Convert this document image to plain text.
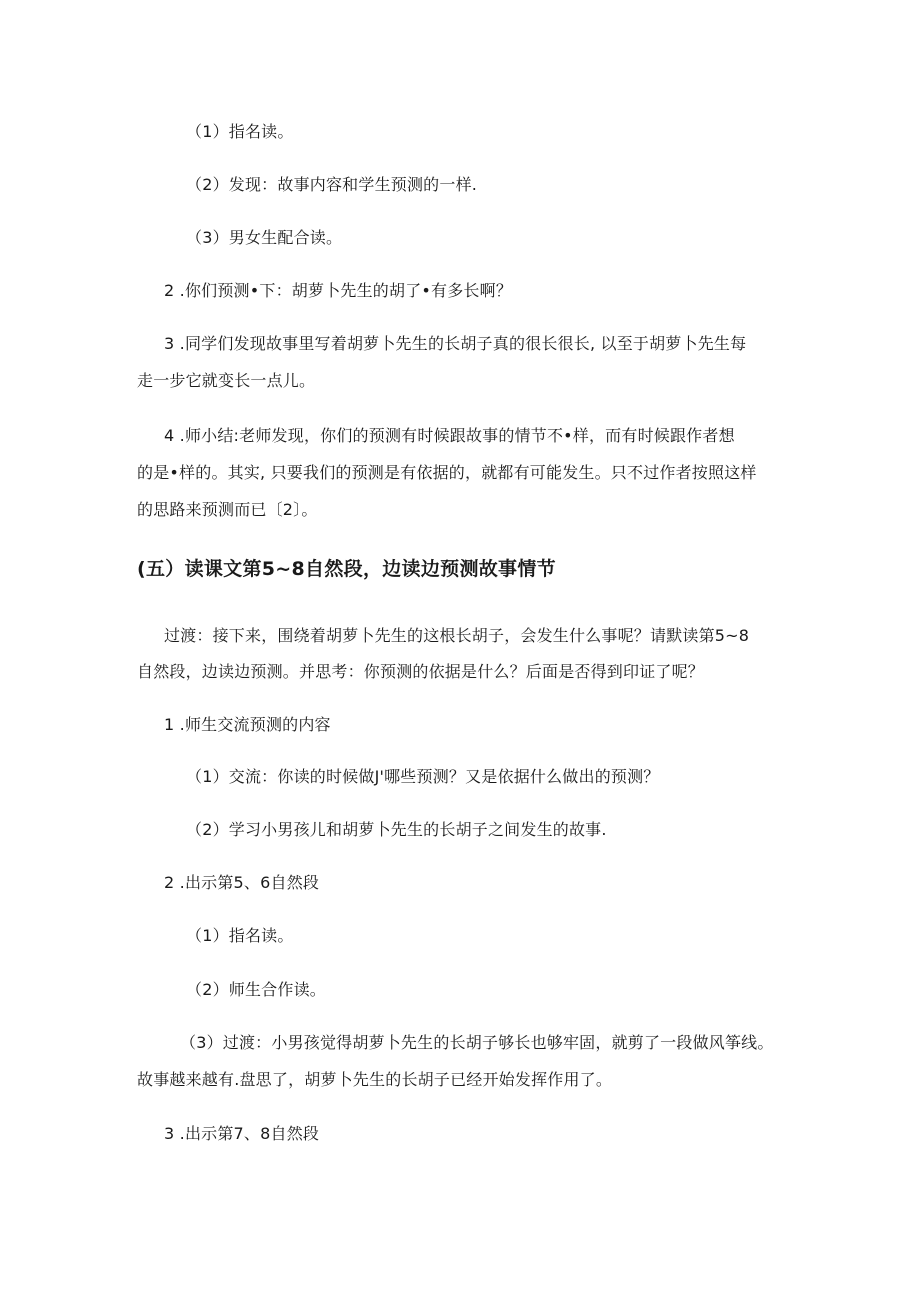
（1）指名读。
（2）发现：故事内容和学生预测的一样.
（3）男女生配合读。
2 .你们预测•下：胡萝卜先生的胡了•有多长啊？
3 .同学们发现故事里写着胡萝卜先生的长胡子真的很长很长, 以至于胡萝卜先生每
走一步它就变长一点儿。
4 .师小结:老师发现，你们的预测有时候跟故事的情节不•样，而有时候跟作者想
的是•样的。其实, 只要我们的预测是有依据的，就都有可能发生。只不过作者按照这样
的思路来预测而已〔2〕。
(五）读课文第5~8自然段，边读边预测故事情节
过渡：接下来，围绕着胡萝卜先生的这根长胡子，会发生什么事呢？请默读第5~8
自然段，边读边预测。并思考：你预测的依据是什么？后面是否得到印证了呢？
1 .师生交流预测的内容
（1）交流：你读的时候做J'哪些预测？又是依据什么做出的预测？
（2）学习小男孩儿和胡萝卜先生的长胡子之间发生的故事.
2 .出示第5、6自然段
（1）指名读。
（2）师生合作读。
（3）过渡：小男孩觉得胡萝卜先生的长胡子够长也够牢固，就剪了一段做风筝线。
故事越来越有.盘思了，胡萝卜先生的长胡子已经开始发挥作用了。
3 .出示第7、8自然段
